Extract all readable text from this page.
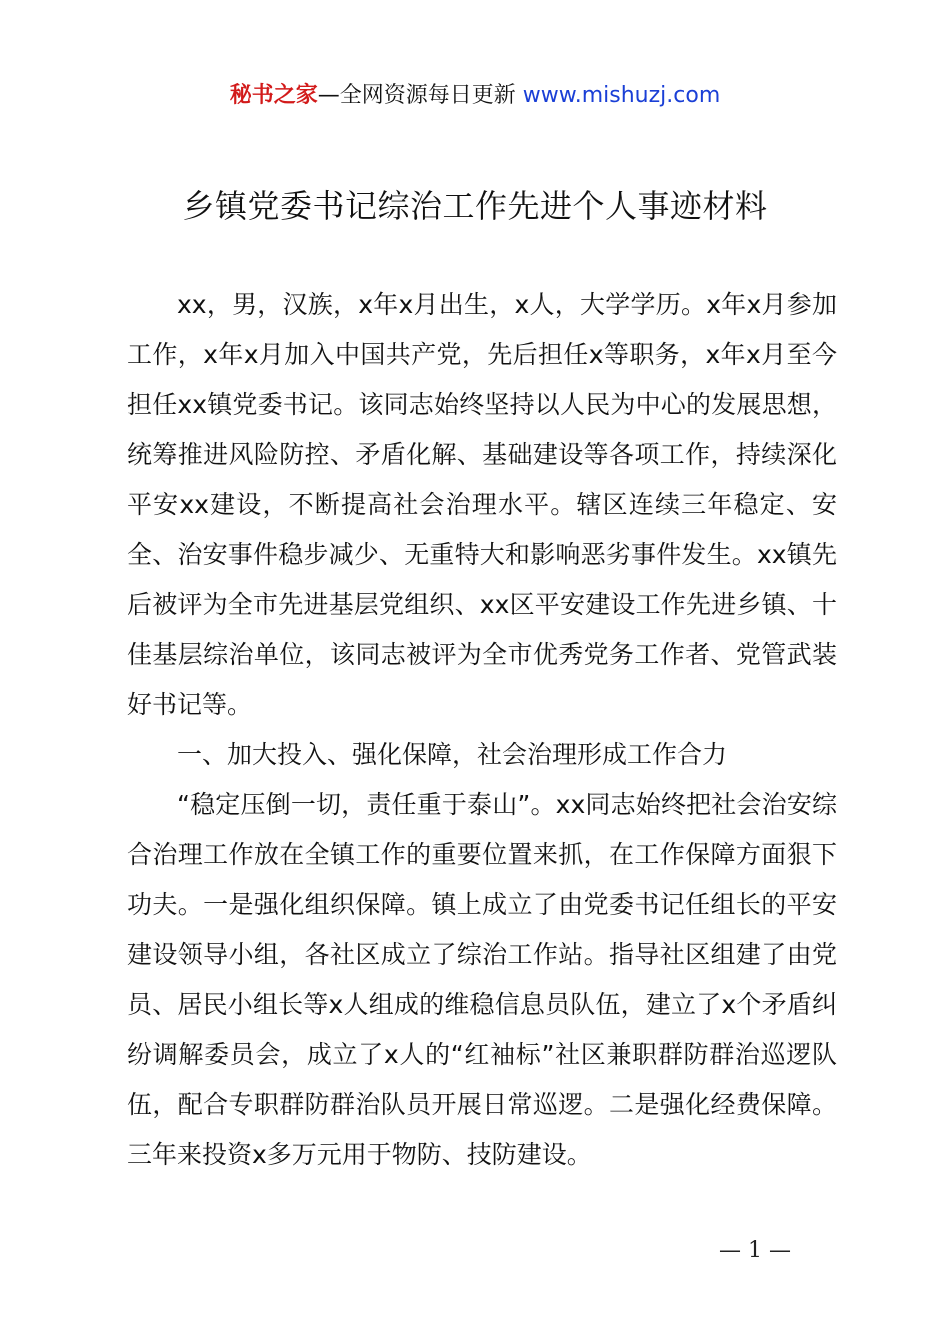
秘书之家—全网资源每日更新 www.mishuzj.com
乡镇党委书记综治工作先进个人事迹材料

xx，男，汉族，x年x月出生，x人，大学学历。x年x月参加工作，x年x月加入中国共产党，先后担任x等职务，x年x月至今担任xx镇党委书记。该同志始终坚持以人民为中心的发展思想，统筹推进风险防控、矛盾化解、基础建设等各项工作，持续深化平安xx建设，不断提高社会治理水平。辖区连续三年稳定、安全、治安事件稳步减少、无重特大和影响恶劣事件发生。xx镇先后被评为全市先进基层党组织、xx区平安建设工作先进乡镇、十佳基层综治单位，该同志被评为全市优秀党务工作者、党管武装好书记等。

一、加大投入、强化保障，社会治理形成工作合力

“稳定压倒一切，责任重于泰山”。xx同志始终把社会治安综合治理工作放在全镇工作的重要位置来抓，在工作保障方面狠下功夫。一是强化组织保障。镇上成立了由党委书记任组长的平安建设领导小组，各社区成立了综治工作站。指导社区组建了由党员、居民小组长等x人组成的维稳信息员队伍，建立了x个矛盾纠纷调解委员会，成立了x人的“红袖标”社区兼职群防群治巡逻队伍，配合专职群防群治队员开展日常巡逻。二是强化经费保障。三年来投资x多万元用于物防、技防建设。

— 1 —
